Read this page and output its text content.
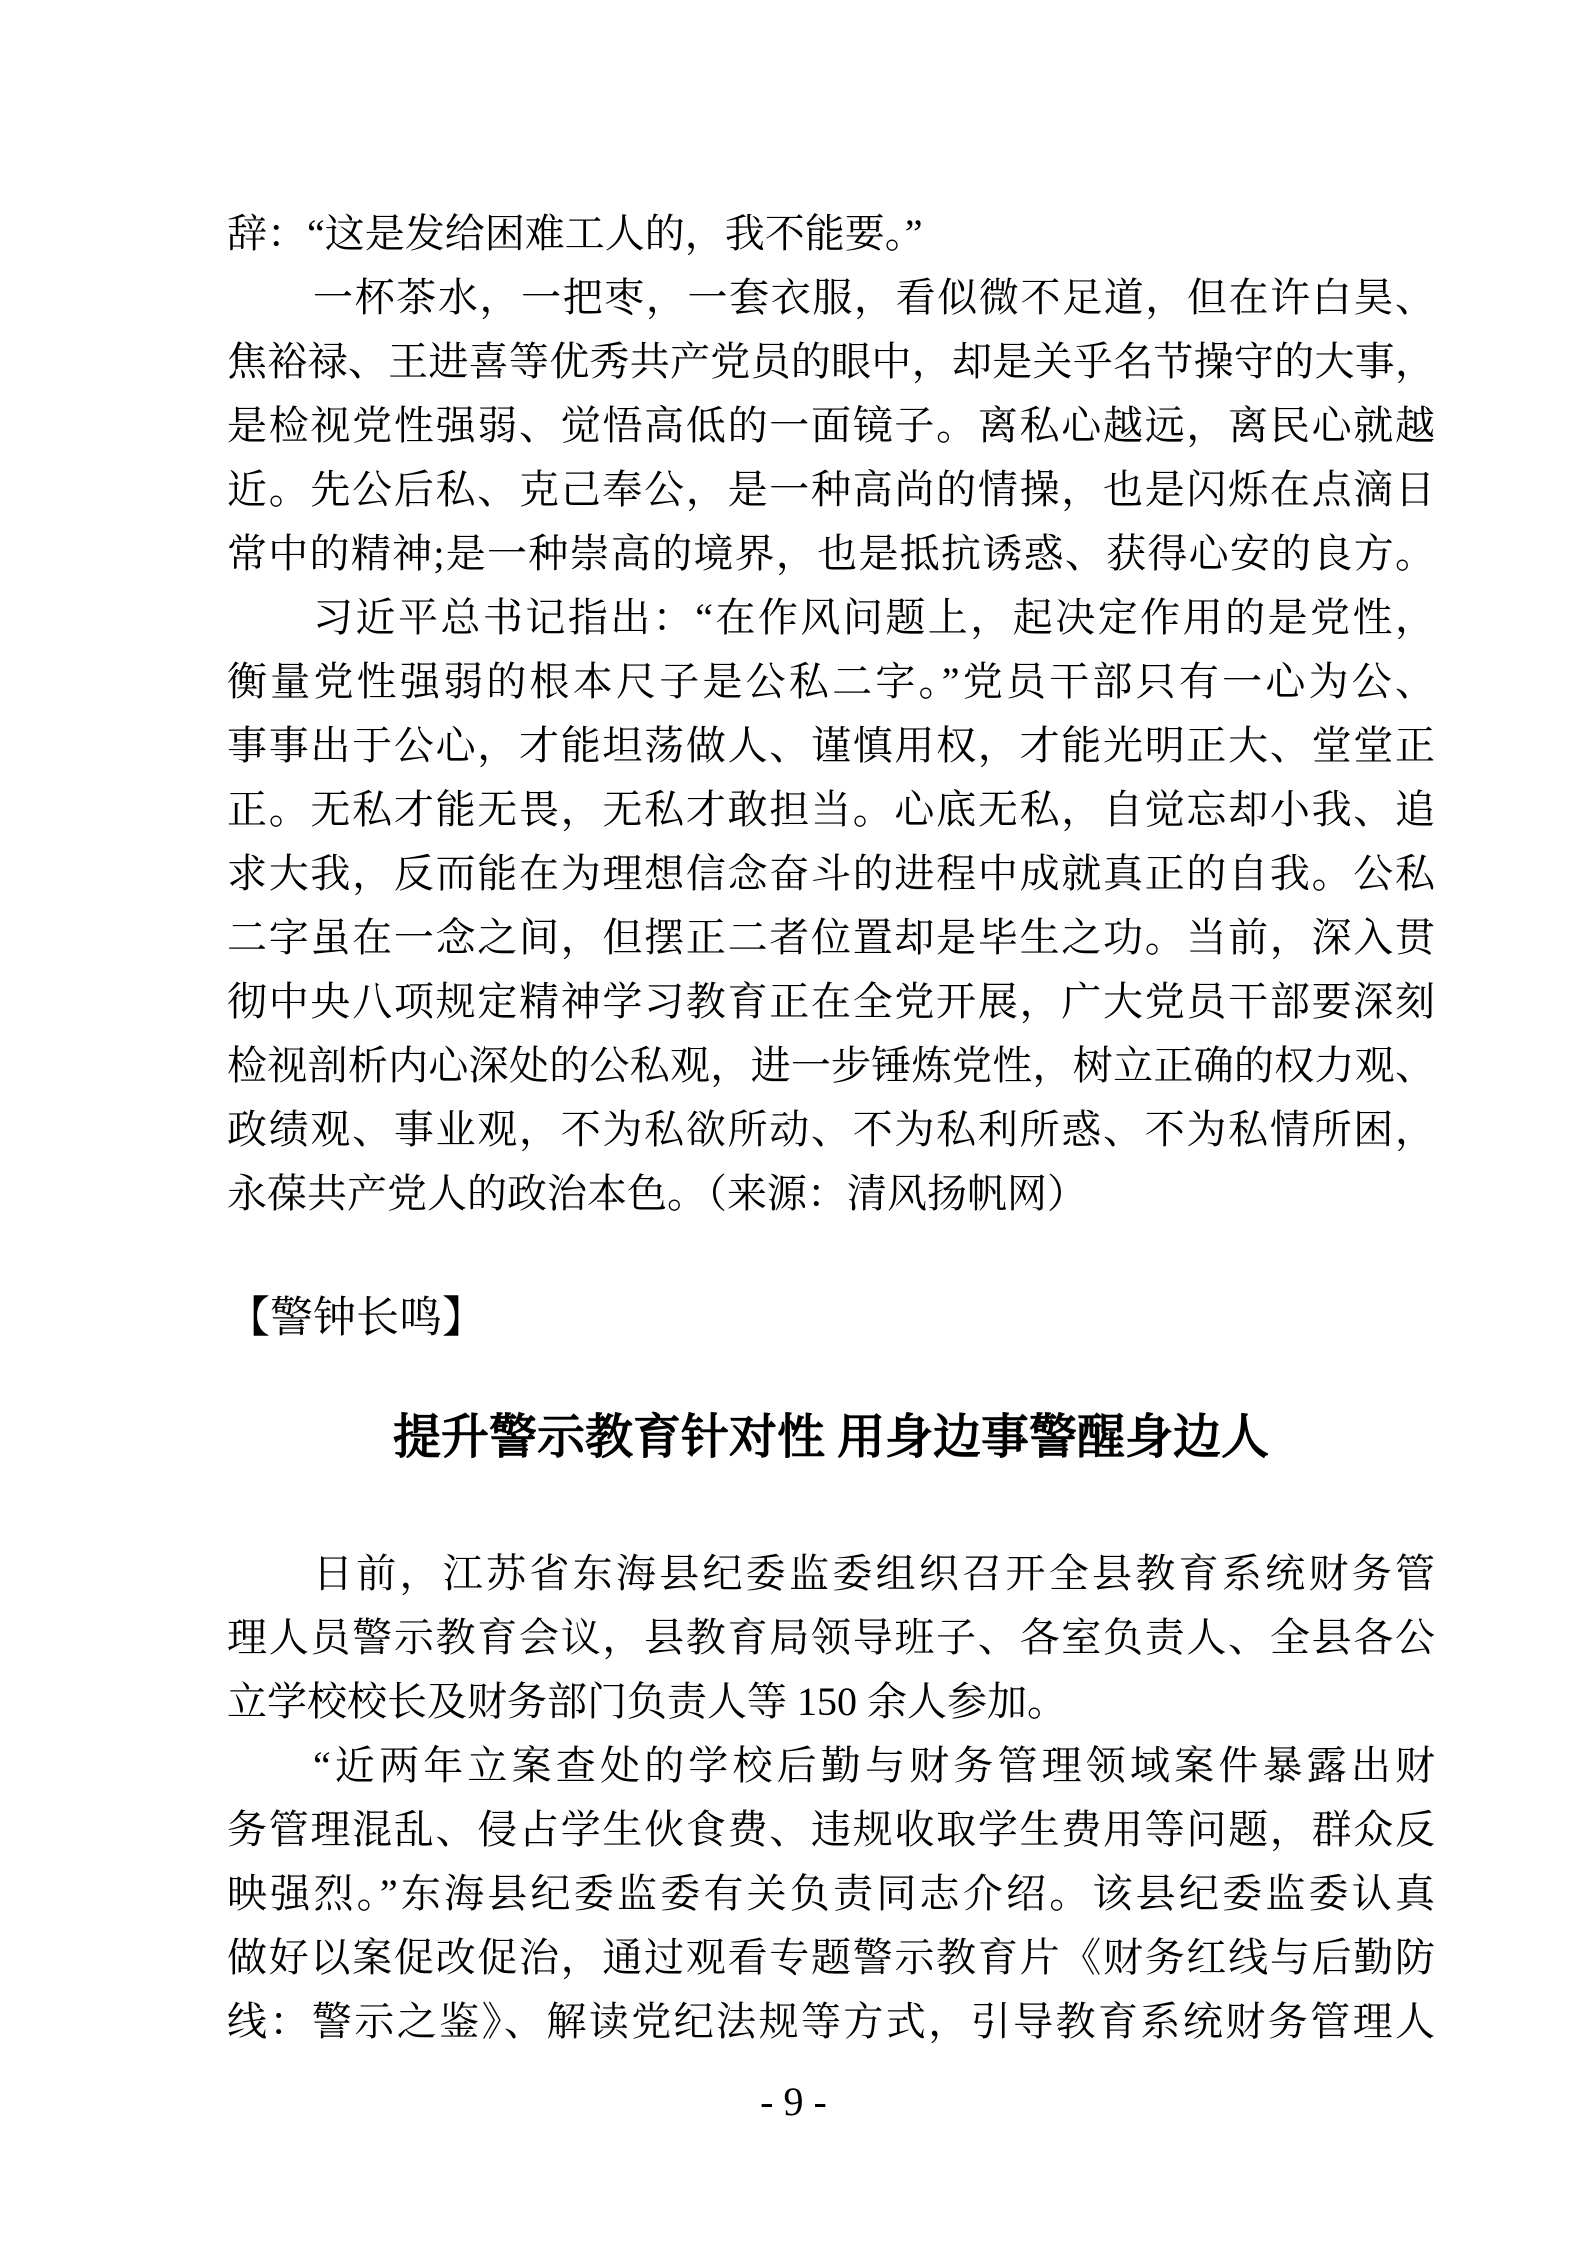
辞：“这是发给困难工人的，我不能要。”
一杯茶水，一把枣，一套衣服，看似微不足道，但在许白昊、
焦裕禄、王进喜等优秀共产党员的眼中，却是关乎名节操守的大事，
是检视党性强弱、觉悟高低的一面镜子。离私心越远，离民心就越
近。先公后私、克己奉公，是一种高尚的情操，也是闪烁在点滴日
常中的精神;是一种崇高的境界，也是抵抗诱惑、获得心安的良方。
习近平总书记指出：“在作风问题上，起决定作用的是党性，
衡量党性强弱的根本尺子是公私二字。”党员干部只有一心为公、
事事出于公心，才能坦荡做人、谨慎用权，才能光明正大、堂堂正
正。无私才能无畏，无私才敢担当。心底无私，自觉忘却小我、追
求大我，反而能在为理想信念奋斗的进程中成就真正的自我。公私
二字虽在一念之间，但摆正二者位置却是毕生之功。当前，深入贯
彻中央八项规定精神学习教育正在全党开展，广大党员干部要深刻
检视剖析内心深处的公私观，进一步锤炼党性，树立正确的权力观、
政绩观、事业观，不为私欲所动、不为私利所惑、不为私情所困，
永葆共产党人的政治本色。（来源：清风扬帆网）
【警钟长鸣】
提升警示教育针对性 用身边事警醒身边人
日前，江苏省东海县纪委监委组织召开全县教育系统财务管
理人员警示教育会议，县教育局领导班子、各室负责人、全县各公
立学校校长及财务部门负责人等 150 余人参加。
“近两年立案查处的学校后勤与财务管理领域案件暴露出财
务管理混乱、侵占学生伙食费、违规收取学生费用等问题，群众反
映强烈。”东海县纪委监委有关负责同志介绍。该县纪委监委认真
做好以案促改促治，通过观看专题警示教育片《财务红线与后勤防
线：警示之鉴》、解读党纪法规等方式，引导教育系统财务管理人
- 9 -
